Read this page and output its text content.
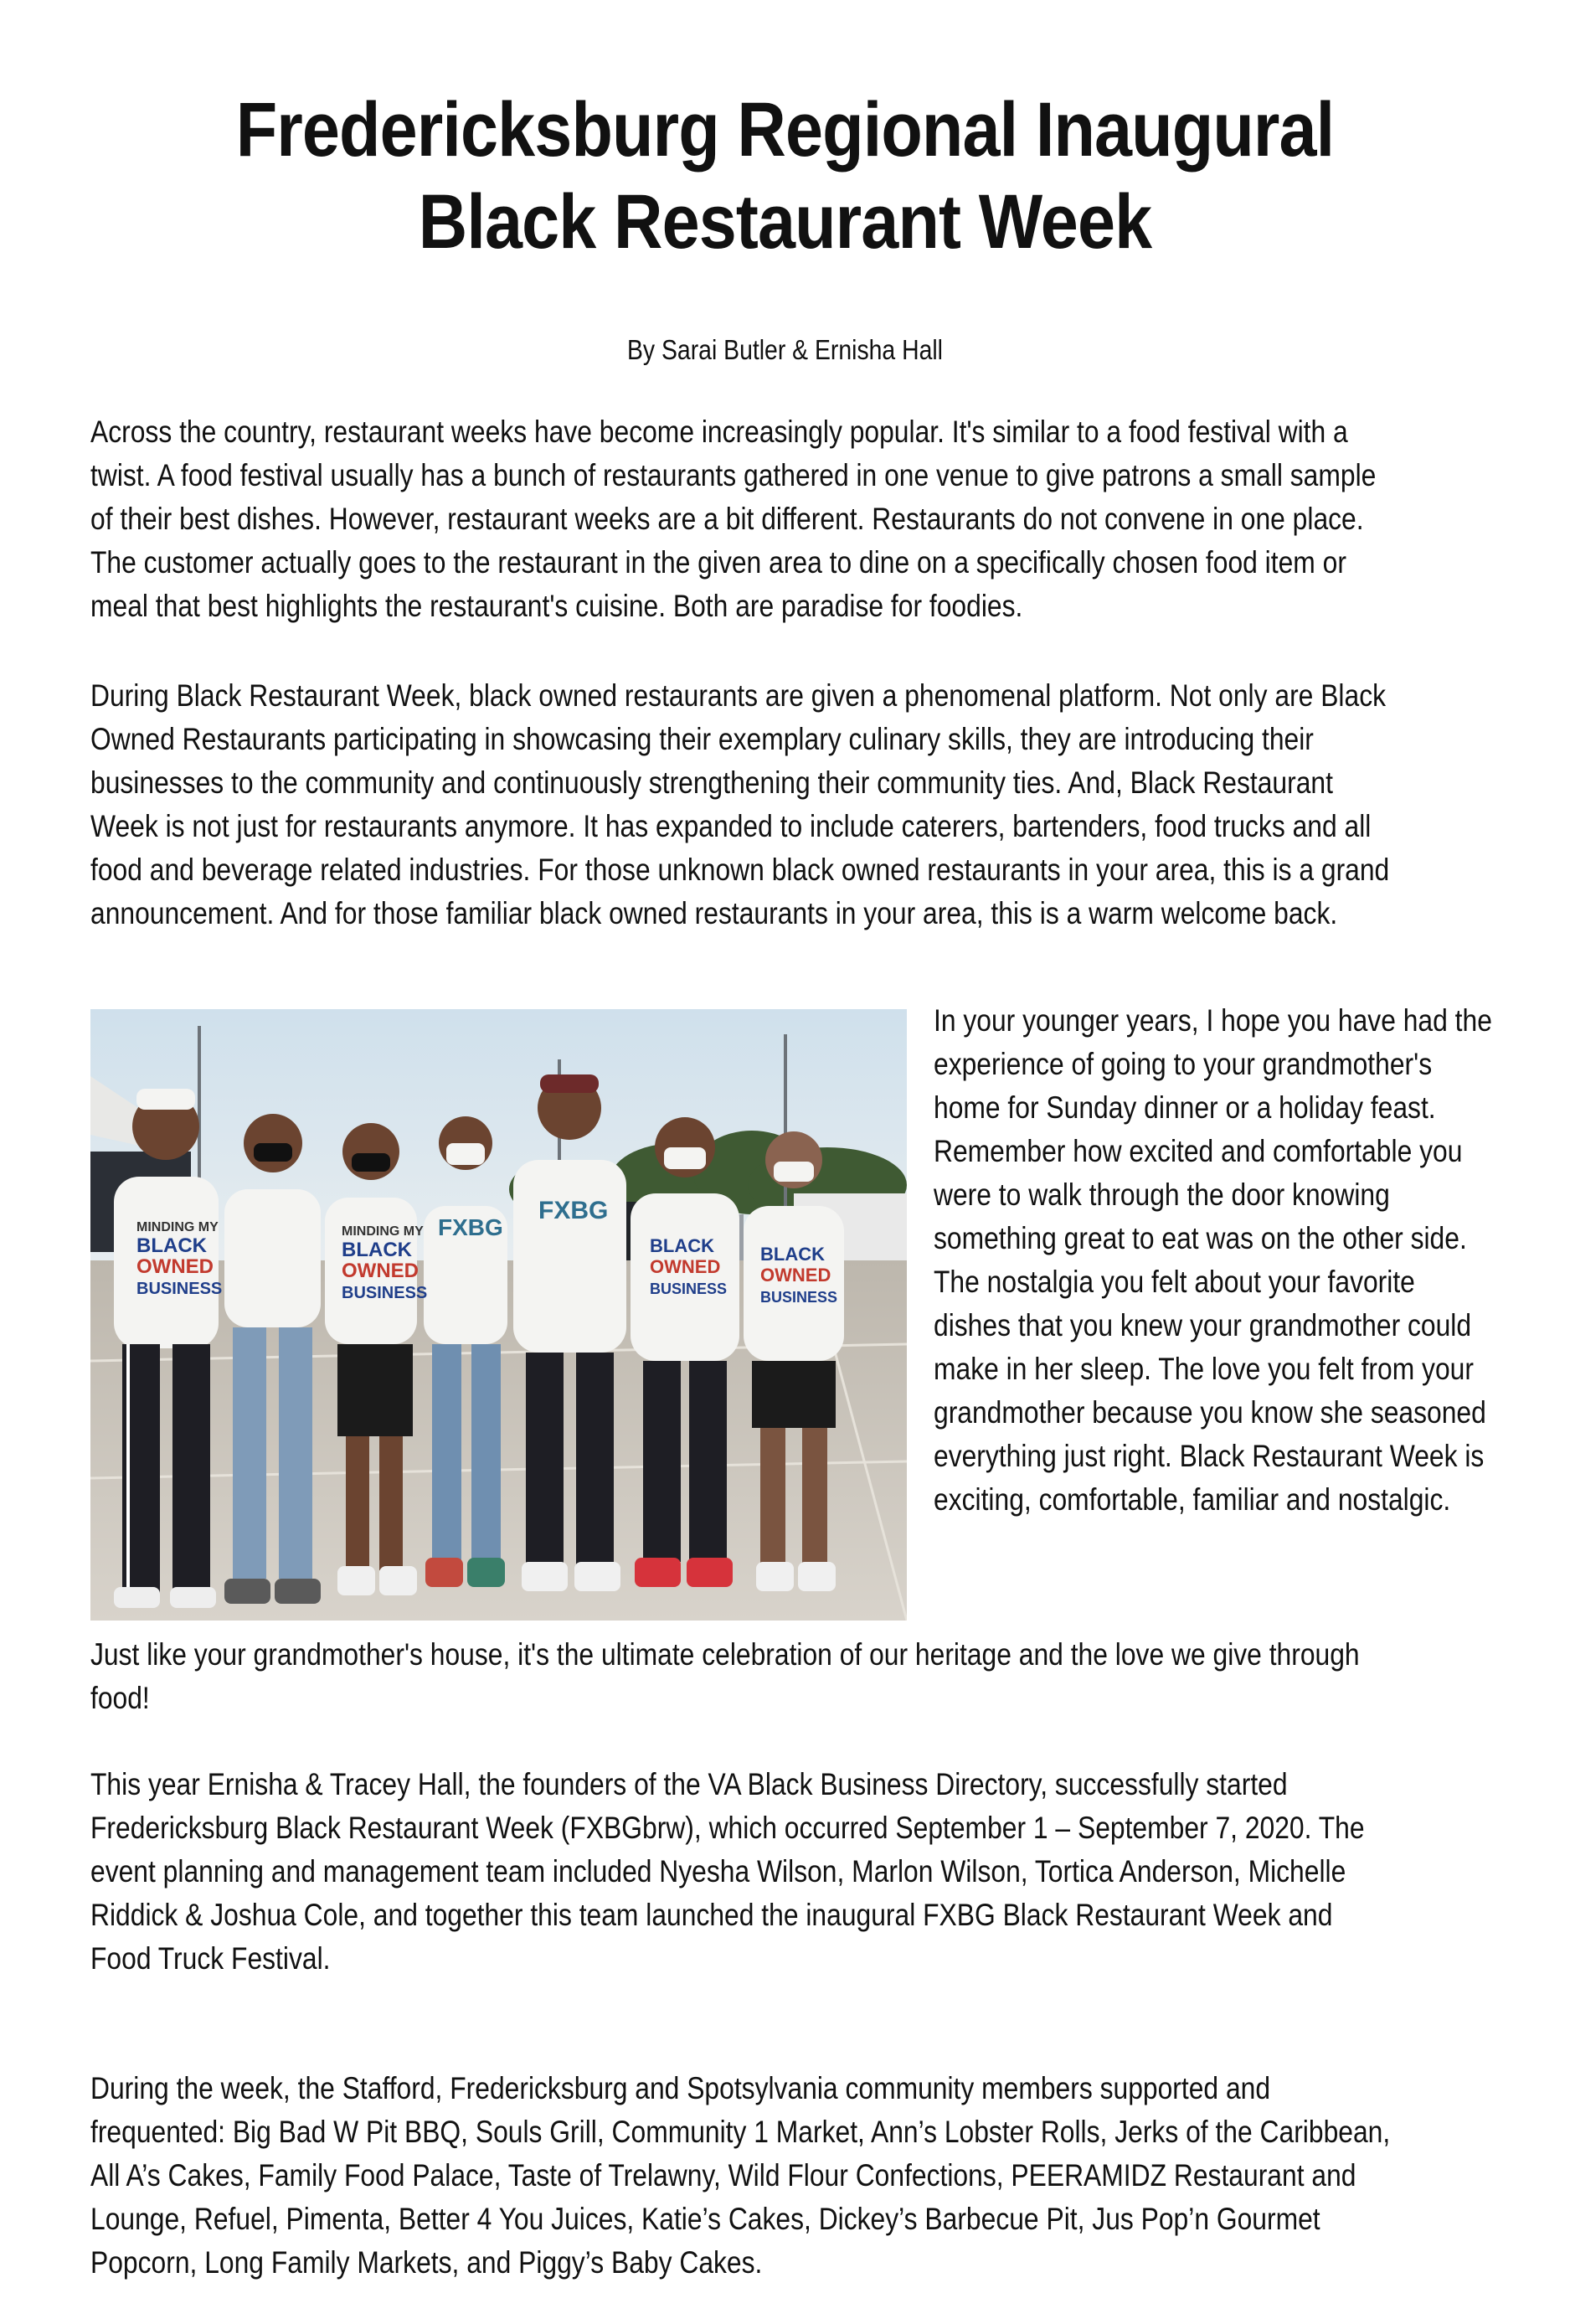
Fredericksburg Regional Inaugural
Black Restaurant Week
By Sarai Butler & Ernisha Hall

Across the country, restaurant weeks have become increasingly popular. It's similar to a food festival with a twist. A food festival usually has a bunch of restaurants gathered in one venue to give patrons a small sample of their best dishes. However, restaurant weeks are a bit different. Restaurants do not convene in one place. The customer actually goes to the restaurant in the given area to dine on a specifically chosen food item or meal that best highlights the restaurant's cuisine. Both are paradise for foodies.

During Black Restaurant Week, black owned restaurants are given a phenomenal platform. Not only are Black Owned Restaurants participating in showcasing their exemplary culinary skills, they are introducing their businesses to the community and continuously strengthening their community ties. And, Black Restaurant Week is not just for restaurants anymore. It has expanded to include caterers, bartenders, food trucks and all food and beverage related industries. For those unknown black owned restaurants in your area, this is a grand announcement. And for those familiar black owned restaurants in your area, this is a warm welcome back.

MINDING MY
BLACK
OWNED
BUSINESS
MINDING MY
BLACK
OWNED
BUSINESS
FXBG
FXBG
BLACK
OWNED
BUSINESS
BLACK
OWNED
BUSINESS

In your younger years, I hope you have had the experience of going to your grandmother's home for Sunday dinner or a holiday feast. Remember how excited and comfortable you were to walk through the door knowing something great to eat was on the other side. The nostalgia you felt about your favorite dishes that you knew your grandmother could make in her sleep. The love you felt from your grandmother because you know she seasoned everything just right. Black Restaurant Week is exciting, comfortable, familiar and nostalgic.

Just like your grandmother's house, it's the ultimate celebration of our heritage and the love we give through food!

This year Ernisha & Tracey Hall, the founders of the VA Black Business Directory, successfully started Fredericksburg Black Restaurant Week (FXBGbrw), which occurred September 1 – September 7, 2020. The event planning and management team included Nyesha Wilson, Marlon Wilson, Tortica Anderson, Michelle Riddick & Joshua Cole, and together this team launched the inaugural FXBG Black Restaurant Week and Food Truck Festival.

During the week, the Stafford, Fredericksburg and Spotsylvania community members supported and frequented: Big Bad W Pit BBQ, Souls Grill, Community 1 Market, Ann’s Lobster Rolls, Jerks of the Caribbean, All A’s Cakes, Family Food Palace, Taste of Trelawny, Wild Flour Confections, PEERAMIDZ Restaurant and Lounge, Refuel, Pimenta, Better 4 You Juices, Katie’s Cakes, Dickey’s Barbecue Pit, Jus Pop’n Gourmet Popcorn, Long Family Markets, and Piggy’s Baby Cakes.
